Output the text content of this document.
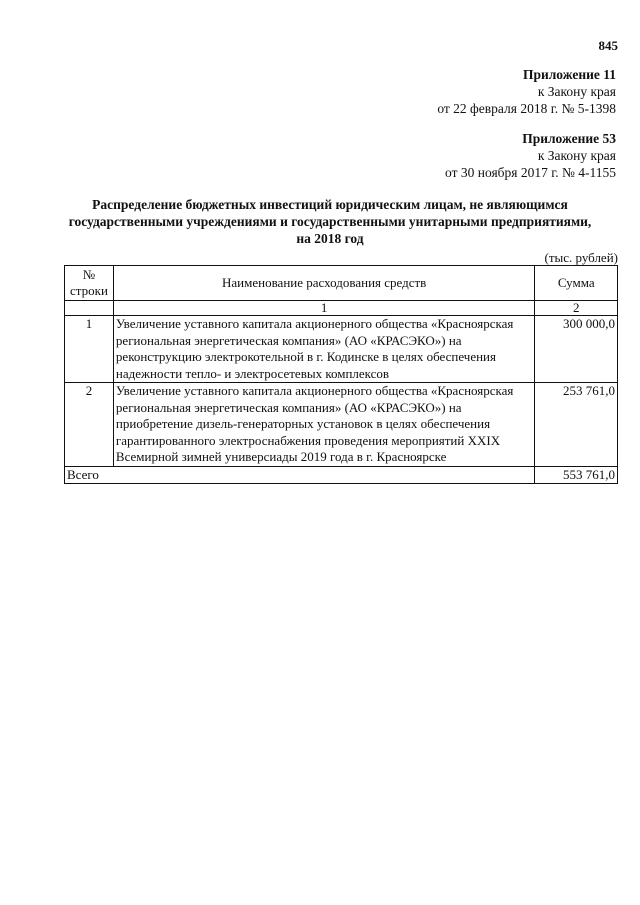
845
Приложение 11
к Закону края
от 22 февраля 2018 г. № 5-1398
Приложение 53
к Закону края
от 30 ноября 2017 г. № 4-1155
Распределение бюджетных инвестиций юридическим лицам, не являющимся
государственными учреждениями и государственными унитарными предприятиями,
на 2018 год
(тыс. рублей)
№
строки	Наименование расходования средств	Сумма
	1	2
1	Увеличение уставного капитала акционерного общества «Красноярская региональная энергетическая компания» (АО «КРАСЭКО») на реконструкцию электрокотельной в г. Кодинске в целях обеспечения надежности тепло- и электросетевых комплексов	300 000,0
2	Увеличение уставного капитала акционерного общества «Красноярская региональная энергетическая компания» (АО «КРАСЭКО») на приобретение дизель-генераторных установок в целях обеспечения гарантированного электроснабжения проведения мероприятий XXIX Всемирной зимней универсиады 2019 года в г. Красноярске	253 761,0
Всего		553 761,0
